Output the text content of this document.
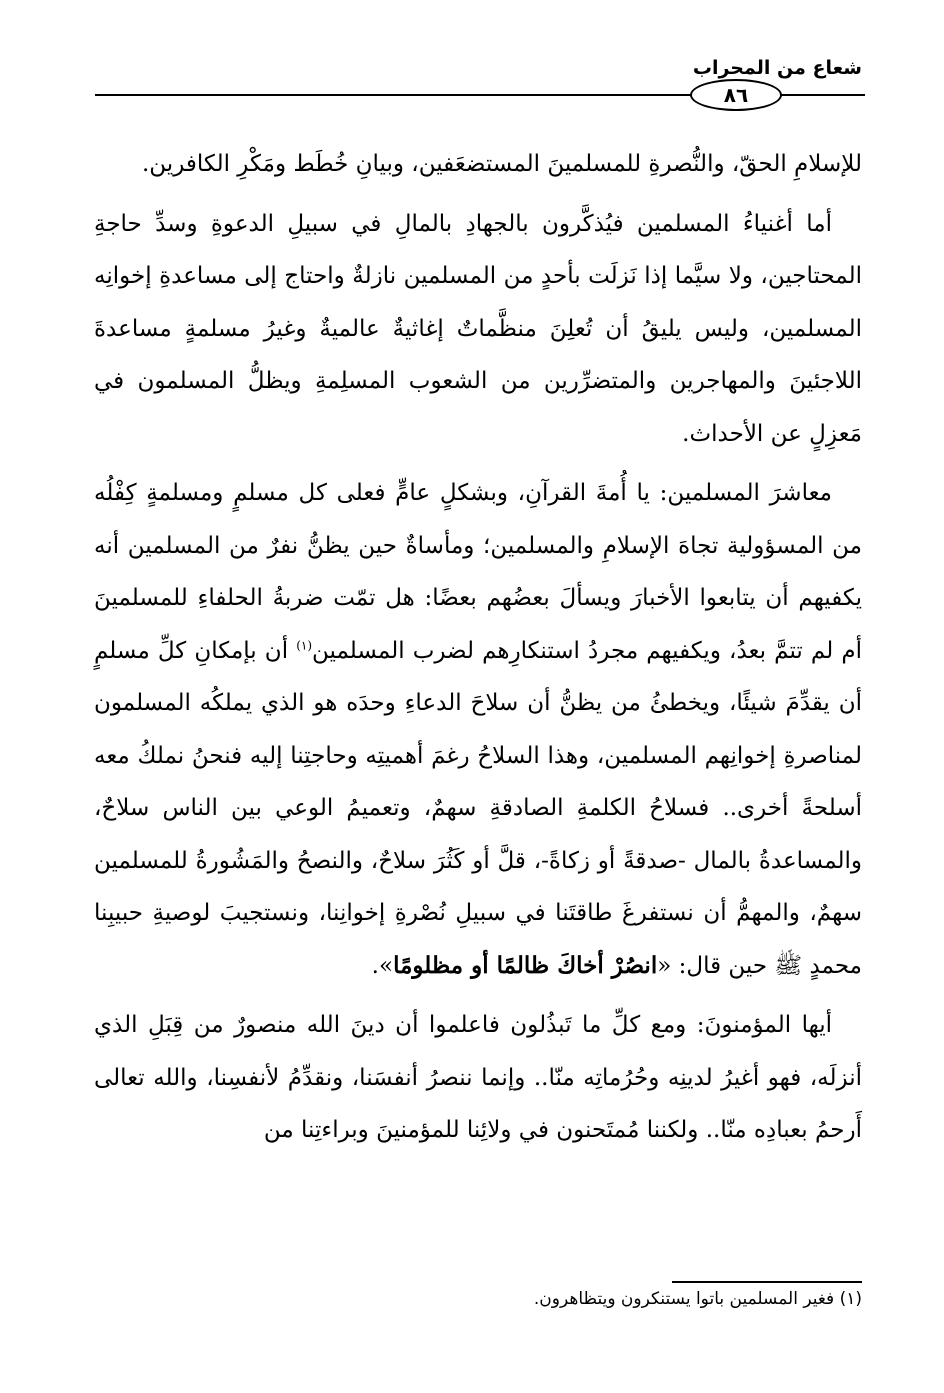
شعاع من المحراب
٨٦

للإسلامِ الحقّ، والنُّصرةِ للمسلمينَ المستضعَفين، وبيانِ خُطَط ومَكْرِ الكافرين.

أما أغنياءُ المسلمين فيُذكَّرون بالجهادِ بالمالِ في سبيلِ الدعوةِ وسدِّ حاجةِ المحتاجين، ولا سيَّما إذا نَزلَت بأحدٍ من المسلمين نازلةٌ واحتاج إلى مساعدةِ إخوانِه المسلمين، وليس يليقُ أن تُعلِنَ منظَّماتٌ إغاثيةٌ عالميةٌ وغيرُ مسلمةٍ مساعدةَ اللاجئينَ والمهاجرين والمتضرِّرين من الشعوب المسلِمةِ ويظلُّ المسلمون في مَعزِلٍ عن الأحداث.

معاشرَ المسلمين: يا أُمةَ القرآنِ، وبشكلٍ عامٍّ فعلى كل مسلمٍ ومسلمةٍ كِفْلُه من المسؤولية تجاهَ الإسلامِ والمسلمين؛ ومأساةٌ حين يظنُّ نفرٌ من المسلمين أنه يكفيهم أن يتابعوا الأخبارَ ويسألَ بعضُهم بعضًا: هل تمّت ضربةُ الحلفاءِ للمسلمينَ أم لم تتمَّ بعدُ، ويكفيهم مجردُ استنكارِهم لضرب المسلمين$^{(١)}$ أن بإمكانِ كلِّ مسلمٍ أن يقدِّمَ شيئًا، ويخطئُ من يظنُّ أن سلاحَ الدعاءِ وحدَه هو الذي يملكُه المسلمون لمناصرةِ إخوانِهم المسلمين، وهذا السلاحُ رغمَ أهميتِه وحاجتِنا إليه فنحنُ نملكُ معه أسلحةً أخرى.. فسلاحُ الكلمةِ الصادقةِ سهمٌ، وتعميمُ الوعي بين الناس سلاحٌ، والمساعدةُ بالمال -صدقةً أو زكاةً-، قلَّ أو كَثُرَ سلاحٌ، والنصحُ والمَشُورةُ للمسلمين سهمٌ، والمهمُّ أن نستفرغَ طاقتَنا في سبيلِ نُصْرةِ إخوانِنا، ونستجيبَ لوصيةِ حبيبِنا محمدٍ ﷺ حين قال: «انصُرْ أخاكَ ظالمًا أو مظلومًا».

أيها المؤمنونَ: ومع كلِّ ما تَبذُلون فاعلموا أن دينَ الله منصورٌ من قِبَلِ الذي أنزلَه، فهو أغيرُ لدينِه وحُرُماتِه منّا.. وإنما ننصرُ أنفسَنا، ونقدِّمُ لأنفسِنا، والله تعالى أَرحمُ بعبادِه منّا.. ولكننا مُمتَحنون في ولائِنا للمؤمنينَ وبراءتِنا من

(١) فغير المسلمين باتوا يستنكرون ويتظاهرون.
